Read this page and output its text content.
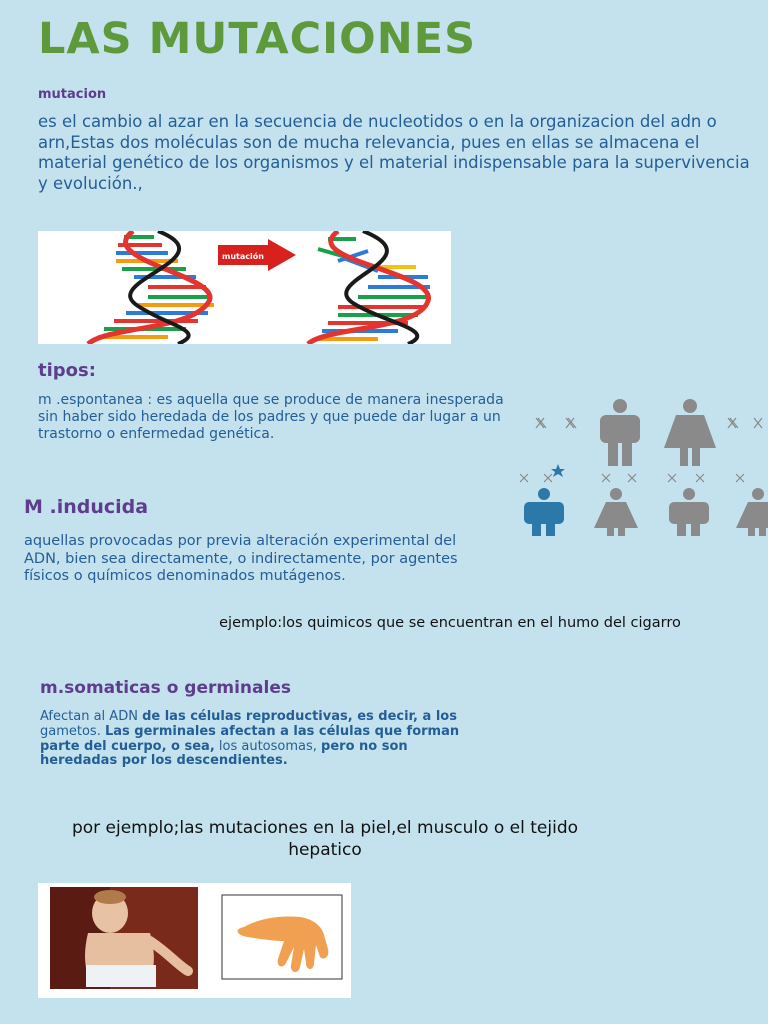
LAS MUTACIONES
mutacion
es el cambio al azar en la secuencia de nucleotidos o en la organizacion del adn o arn,Estas dos moléculas son de mucha relevancia, pues en ellas se almacena el material genético de los organismos y el material indispensable para la supervivencia y evolución.,
mutación
tipos:
m .espontanea : es aquella que se produce de manera inesperada sin haber sido heredada de los padres y que puede dar lugar a un trastorno o enfermedad genética.
M .inducida
aquellas provocadas por previa alteración experimental del ADN, bien sea directamente, o indirectamente, por agentes físicos o químicos denominados mutágenos.
ejemplo:los quimicos que se encuentran en el humo del cigarro
m.somaticas o germinales
Afectan al ADN de las células reproductivas, es decir, a los gametos. Las germinales afectan a las células que forman parte del cuerpo, o sea, los autosomas, pero no son heredadas por los descendientes.
por ejemplo;las mutaciones en la piel,el musculo o el tejido hepatico
